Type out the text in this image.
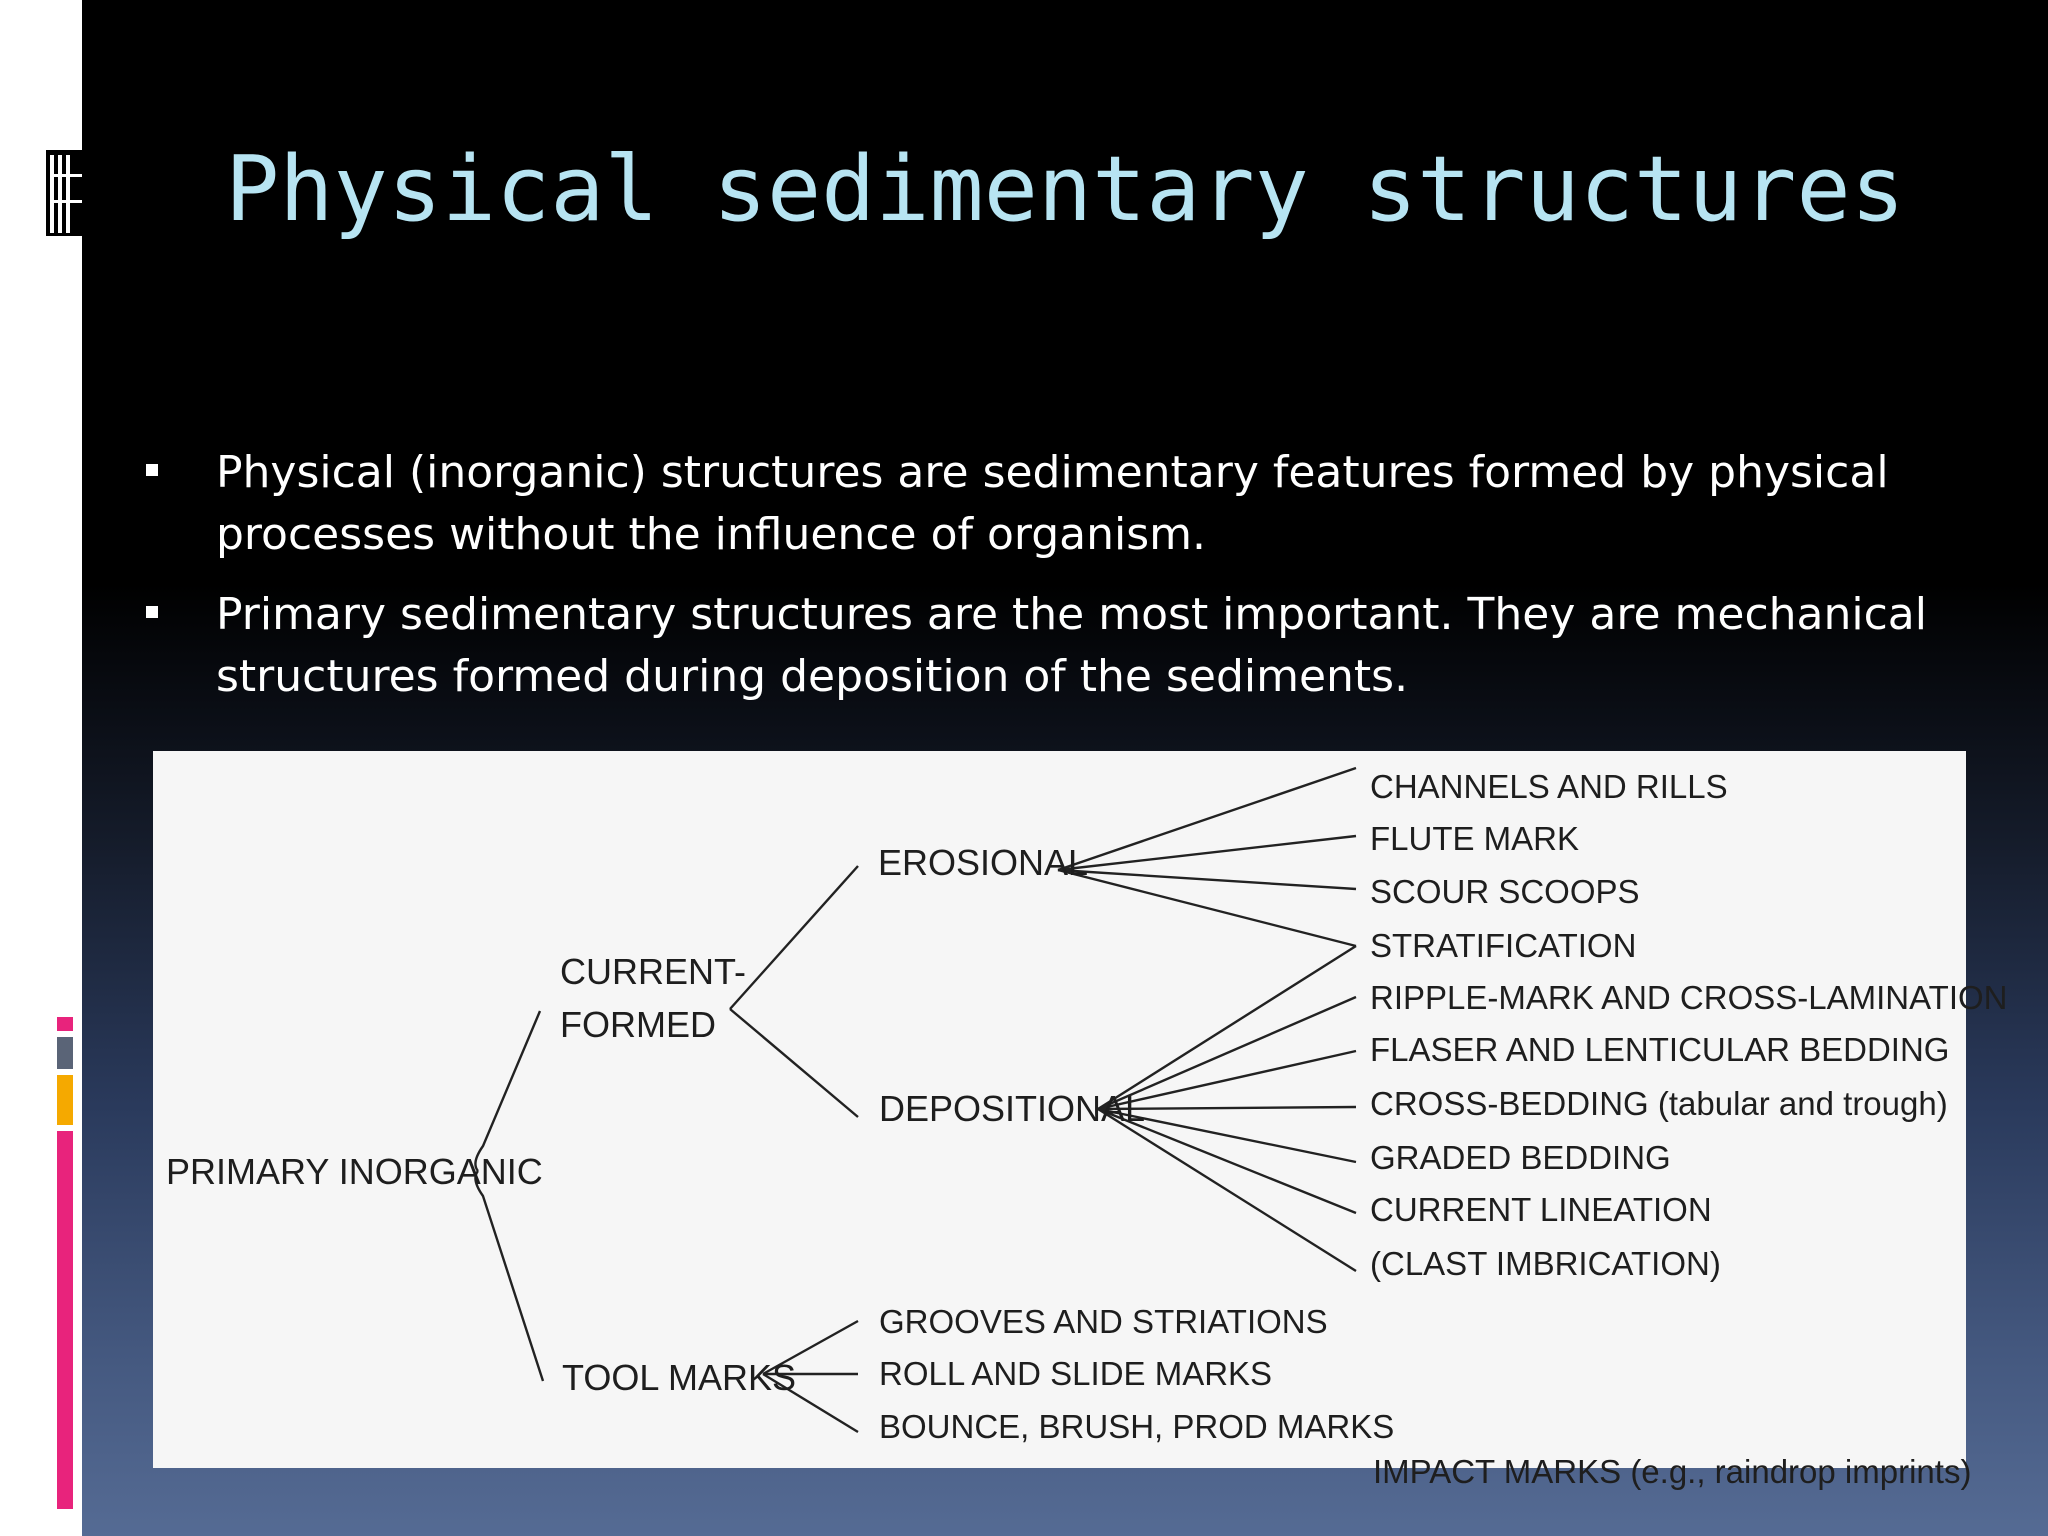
Physical sedimentary structures
Physical (inorganic) structures are sedimentary features formed by physical processes without the influence of organism.
Primary sedimentary structures are the most important. They are mechanical structures formed during deposition of the sediments.
PRIMARY INORGANIC
CURRENT-
FORMED
EROSIONAL
DEPOSITIONAL
TOOL MARKS
CHANNELS AND RILLS
FLUTE MARK
SCOUR SCOOPS
STRATIFICATION
RIPPLE-MARK AND CROSS-LAMINATION
FLASER AND LENTICULAR BEDDING
CROSS-BEDDING (tabular and trough)
GRADED BEDDING
CURRENT LINEATION
(CLAST IMBRICATION)
GROOVES AND STRIATIONS
ROLL AND SLIDE MARKS
BOUNCE, BRUSH, PROD MARKS
IMPACT MARKS (e.g., raindrop imprints)
